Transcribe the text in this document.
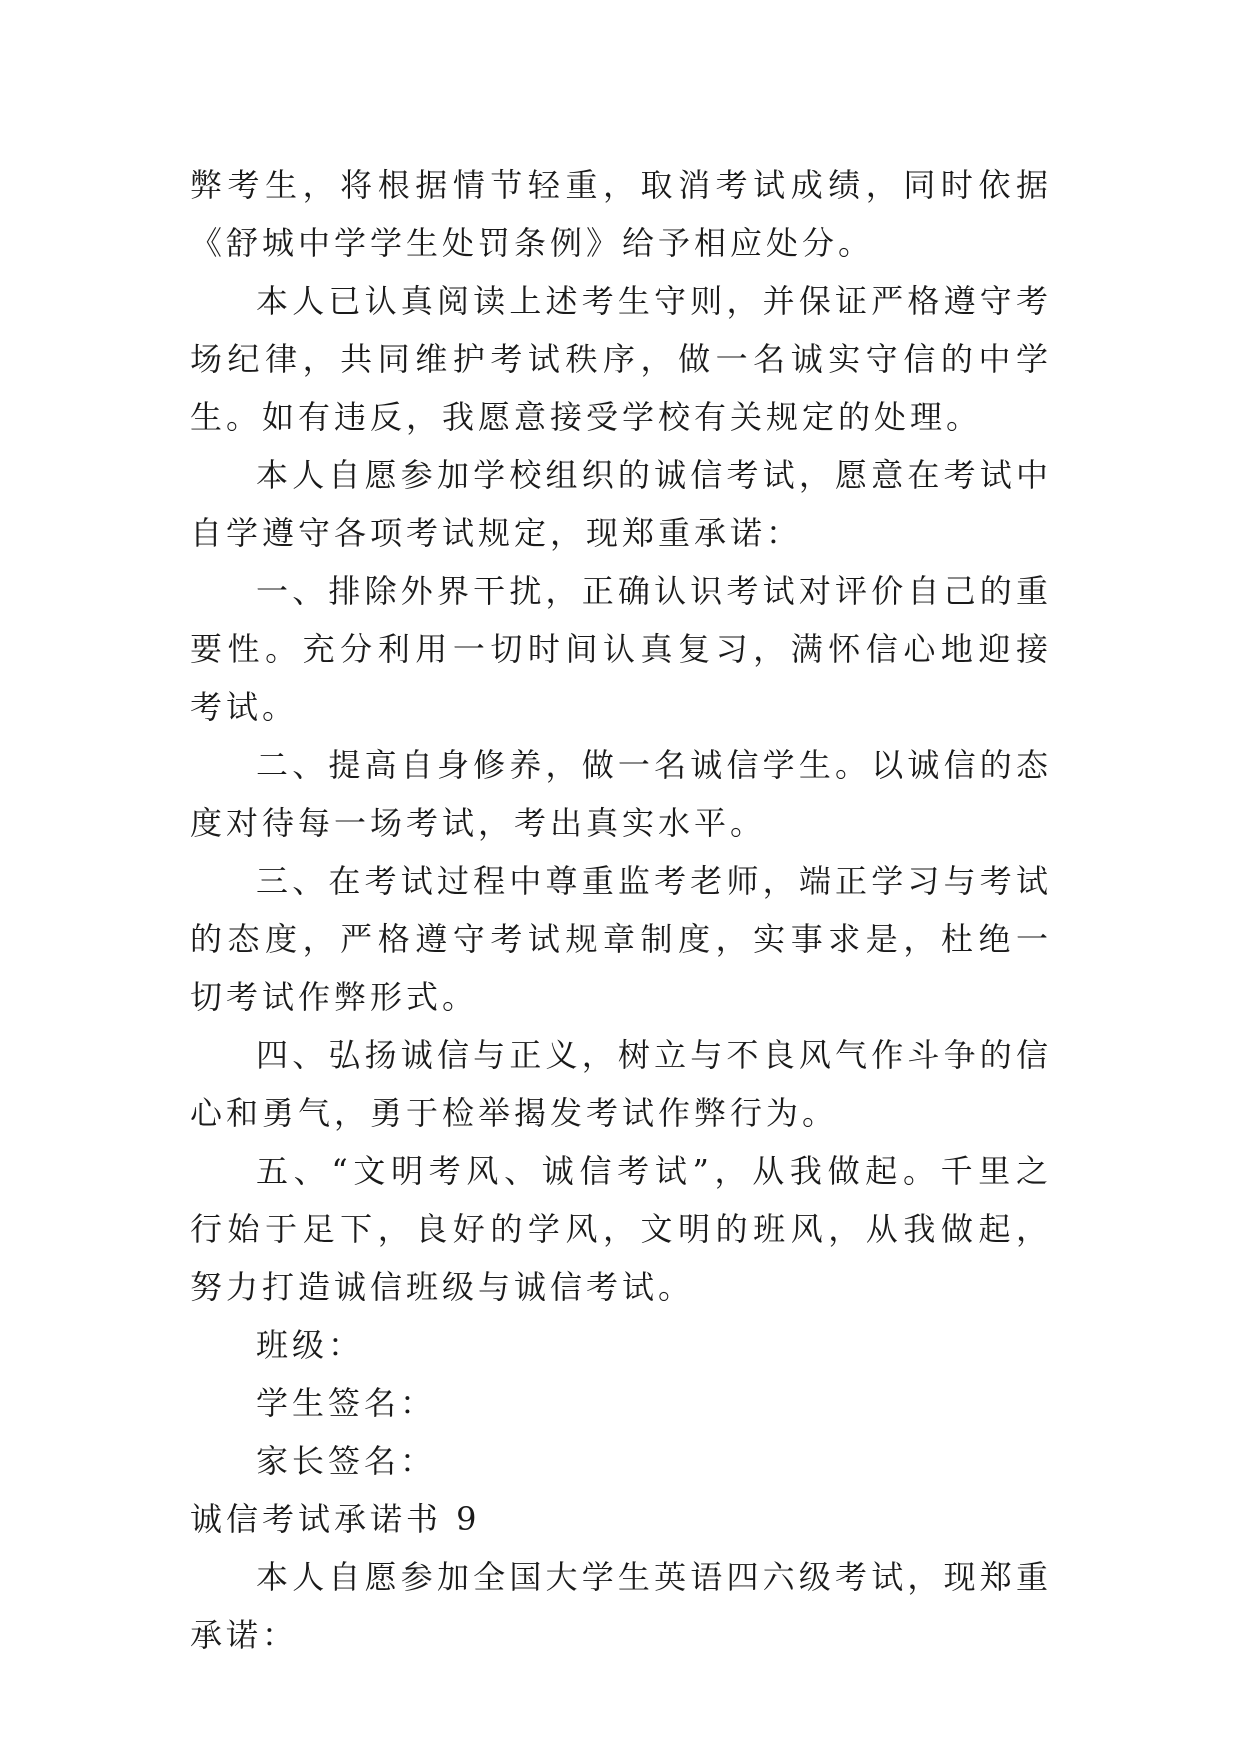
弊考生，将根据情节轻重，取消考试成绩，同时依据《舒城中学学生处罚条例》给予相应处分。

本人已认真阅读上述考生守则，并保证严格遵守考场纪律，共同维护考试秩序，做一名诚实守信的中学生。如有违反，我愿意接受学校有关规定的处理。

本人自愿参加学校组织的诚信考试，愿意在考试中自学遵守各项考试规定，现郑重承诺：

一、排除外界干扰，正确认识考试对评价自己的重要性。充分利用一切时间认真复习，满怀信心地迎接考试。

二、提高自身修养，做一名诚信学生。以诚信的态度对待每一场考试，考出真实水平。

三、在考试过程中尊重监考老师，端正学习与考试的态度，严格遵守考试规章制度，实事求是，杜绝一切考试作弊形式。

四、弘扬诚信与正义，树立与不良风气作斗争的信心和勇气，勇于检举揭发考试作弊行为。

五、“文明考风、诚信考试”，从我做起。千里之行始于足下，良好的学风，文明的班风，从我做起，努力打造诚信班级与诚信考试。

班级：

学生签名：

家长签名：

诚信考试承诺书 9

本人自愿参加全国大学生英语四六级考试，现郑重承诺：
